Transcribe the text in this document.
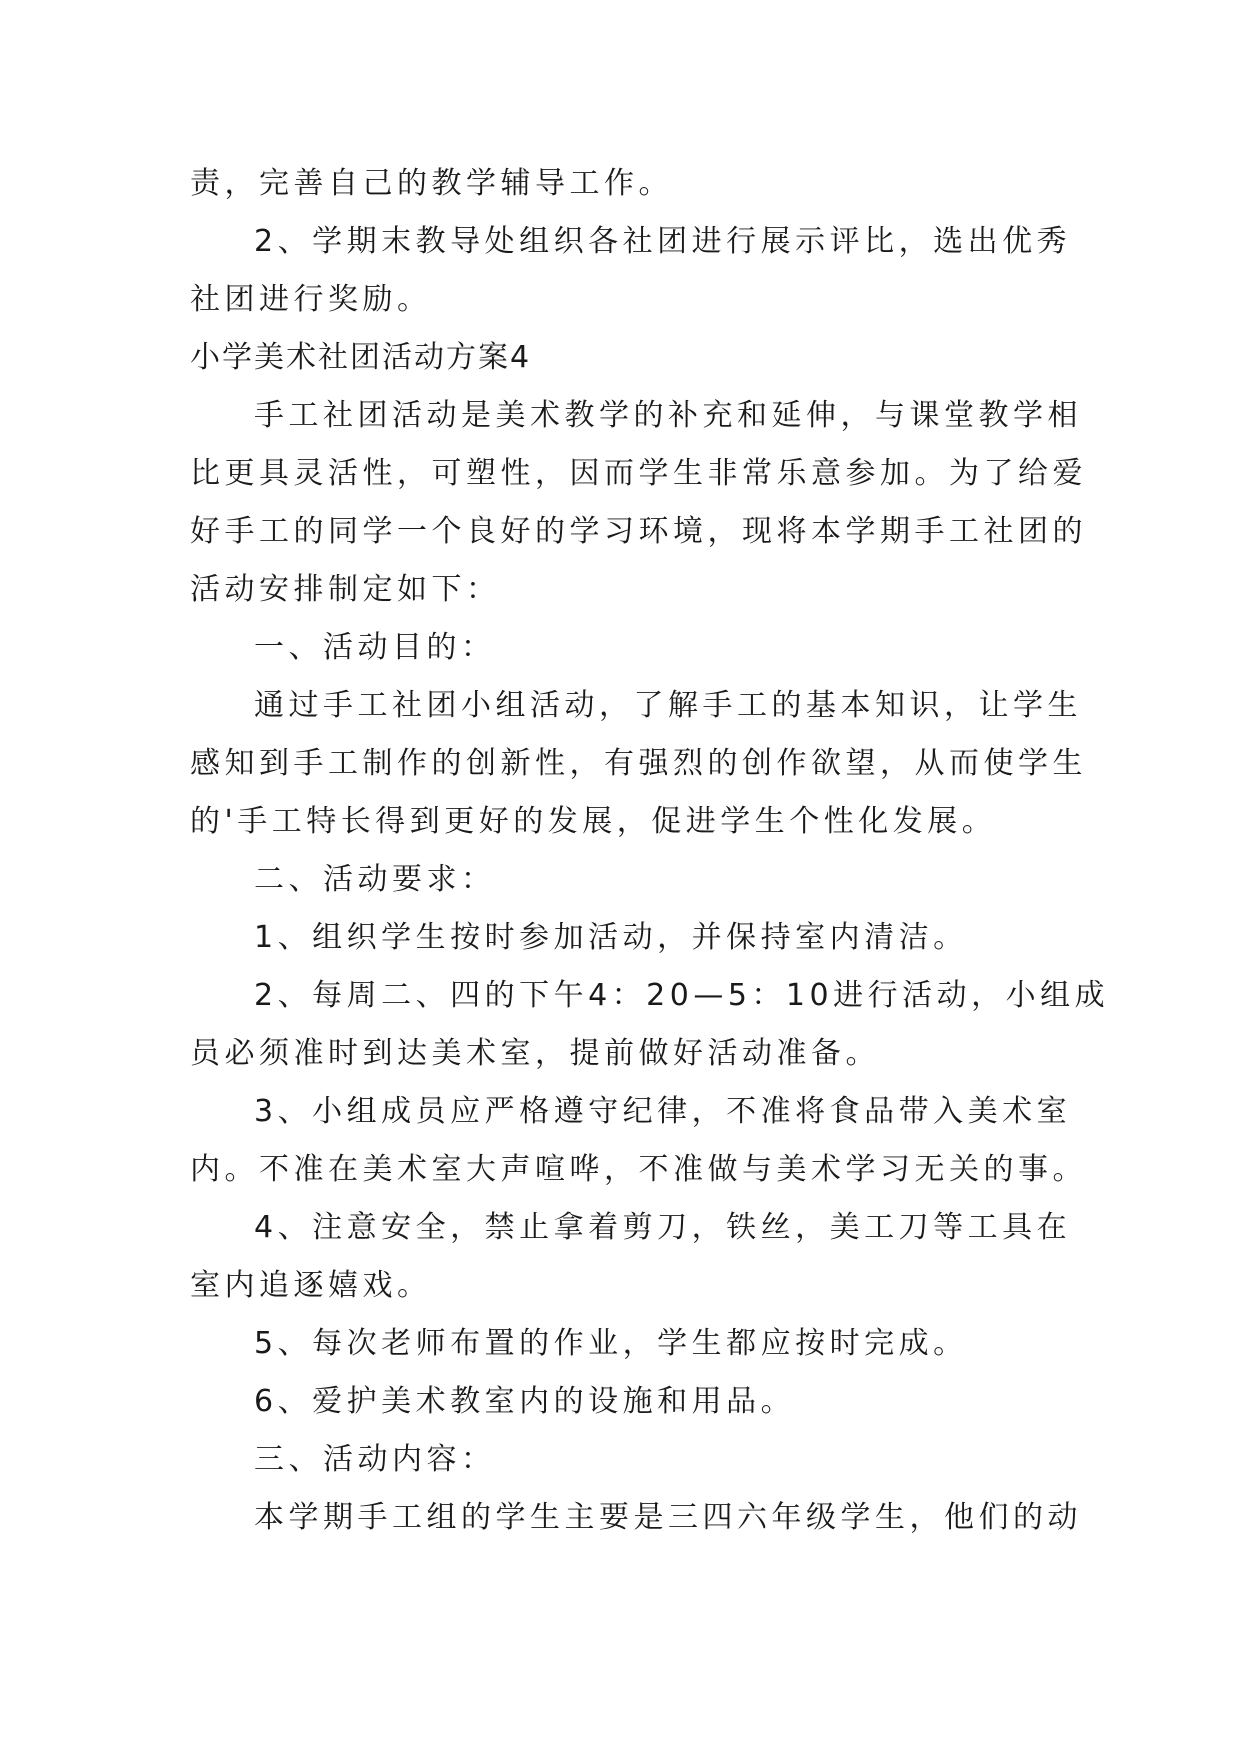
责，完善自己的教学辅导工作。
2、学期末教导处组织各社团进行展示评比，选出优秀
社团进行奖励。
小学美术社团活动方案4
手工社团活动是美术教学的补充和延伸，与课堂教学相
比更具灵活性，可塑性，因而学生非常乐意参加。为了给爱
好手工的同学一个良好的学习环境，现将本学期手工社团的
活动安排制定如下：
一、活动目的：
通过手工社团小组活动，了解手工的基本知识，让学生
感知到手工制作的创新性，有强烈的创作欲望，从而使学生
的'手工特长得到更好的发展，促进学生个性化发展。
二、活动要求：
1、组织学生按时参加活动，并保持室内清洁。
2、每周二、四的下午4：20—5：10进行活动，小组成
员必须准时到达美术室，提前做好活动准备。
3、小组成员应严格遵守纪律，不准将食品带入美术室
内。不准在美术室大声喧哗，不准做与美术学习无关的事。
4、注意安全，禁止拿着剪刀，铁丝，美工刀等工具在
室内追逐嬉戏。
5、每次老师布置的作业，学生都应按时完成。
6、爱护美术教室内的设施和用品。
三、活动内容：
本学期手工组的学生主要是三四六年级学生，他们的动
